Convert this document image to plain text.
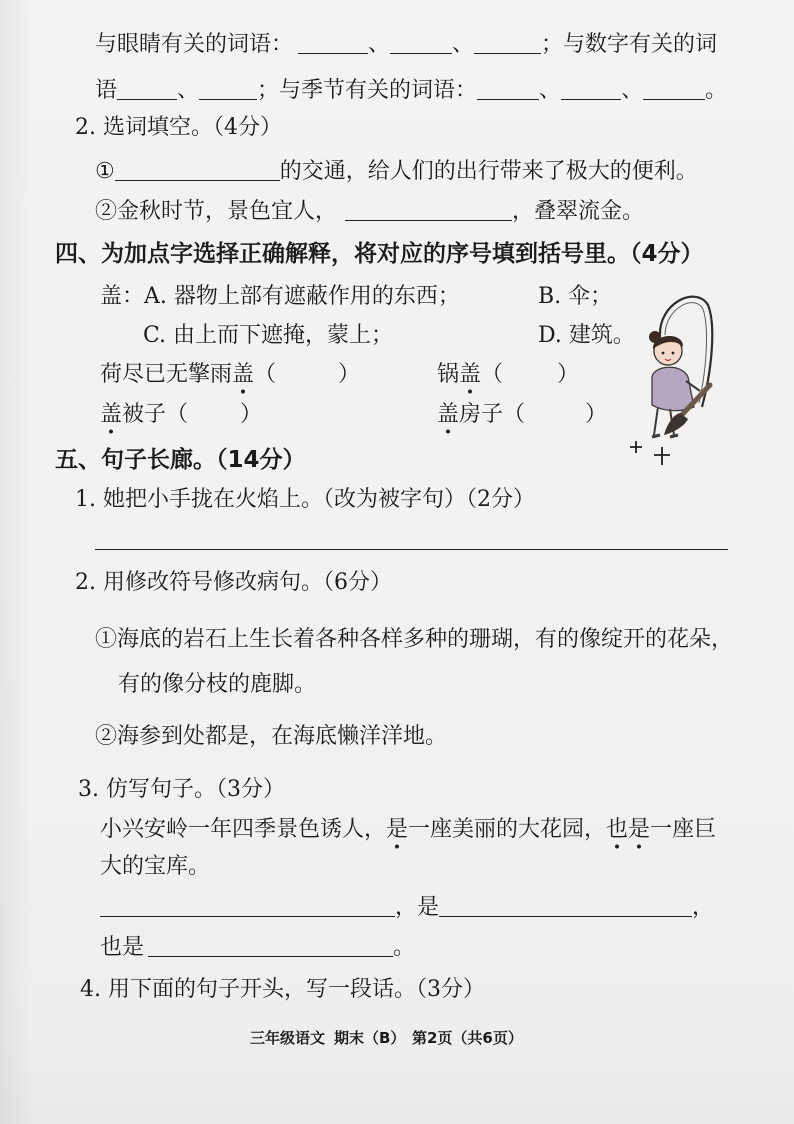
与眼睛有关的词语：	、	、	；与数字有关的词
语	、	；与季节有关的词语：	、	、	。
2. 选词填空。（4分）
①	的交通，给人们的出行带来了极大的便利。
②金秋时节，景色宜人，	，叠翠流金。
四、为加点字选择正确解释，将对应的序号填到括号里。（4分）
盖：A. 器物上部有遮蔽作用的东西；	B. 伞；
C. 由上而下遮掩，蒙上；	D. 建筑。
荷尽已无擎雨盖（	）	锅盖（ ）
盖被子（ ）	盖房子（	）
五、句子长廊。（14分）
1. 她把小手拢在火焰上。（改为被字句）（2分）
2. 用修改符号修改病句。（6分）
①海底的岩石上生长着各种各样多种的珊瑚，有的像绽开的花朵，
有的像分枝的鹿脚。
②海参到处都是，在海底懒洋洋地。
3. 仿写句子。（3分）
小兴安岭一年四季景色诱人，是一座美丽的大花园，也是一座巨
大的宝库。
，是	，
也是	。
4. 用下面的句子开头，写一段话。（3分）
三年级语文 期末（B） 第2页（共6页）
